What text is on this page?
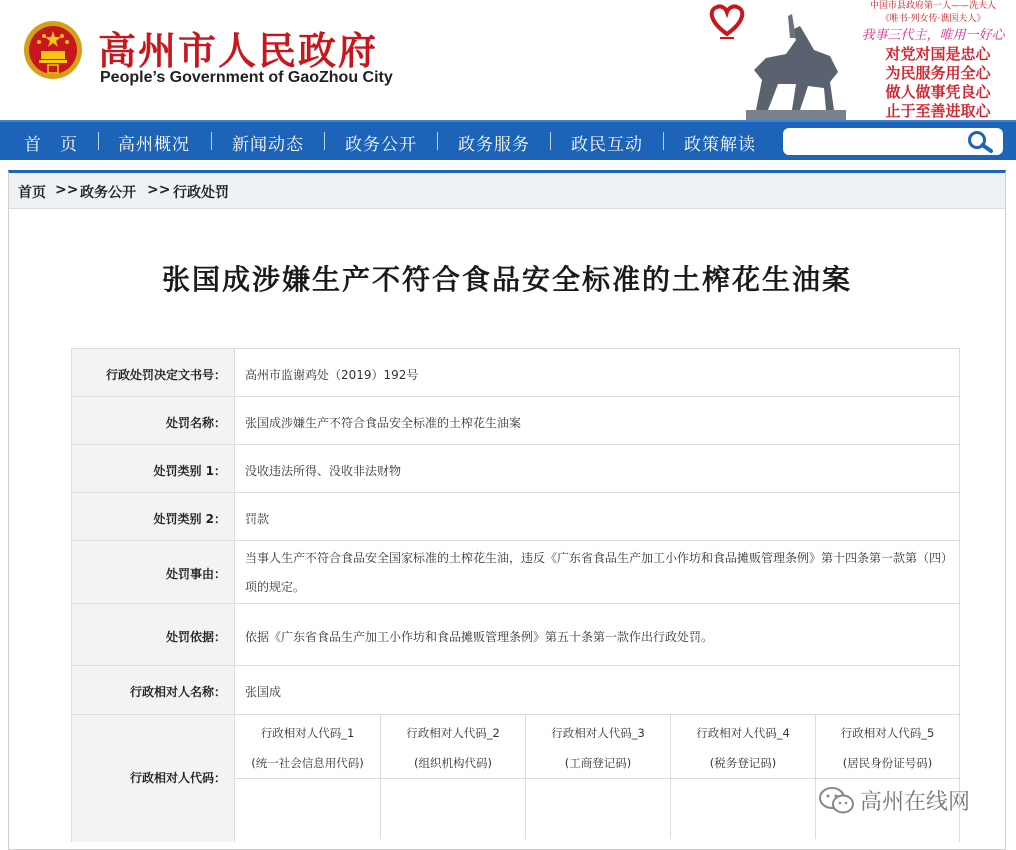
高州市人民政府
People’s Government of GaoZhou City
中国市县政府第一人——冼夫人
《唯书·列女传·谯国夫人》
我事三代主，唯用一好心
对党对国是忠心
为民服务用全心
做人做事凭良心
止于至善进取心
首　页 高州概况 新闻动态 政务公开 政务服务 政民互动 政策解读
首页 >> 政务公开 >> 行政处罚
张国成涉嫌生产不符合食品安全标准的土榨花生油案
行政处罚决定文书号： 高州市监谢鸡处（2019）192号
处罚名称： 张国成涉嫌生产不符合食品安全标准的土榨花生油案
处罚类别 1： 没收违法所得、没收非法财物
处罚类别 2： 罚款
处罚事由：
当事人生产不符合食品安全国家标准的土榨花生油，违反《广东省食品生产加工小作坊和食品摊贩管理条例》第十四条第一款第（四）项的规定。
处罚依据： 依据《广东省食品生产加工小作坊和食品摊贩管理条例》第五十条第一款作出行政处罚。
行政相对人名称： 张国成
行政相对人代码：
行政相对人代码_1
(统一社会信息用代码)
行政相对人代码_2
(组织机构代码)
行政相对人代码_3
(工商登记码)
行政相对人代码_4
(税务登记码)
行政相对人代码_5
(居民身份证号码)
高州在线网
